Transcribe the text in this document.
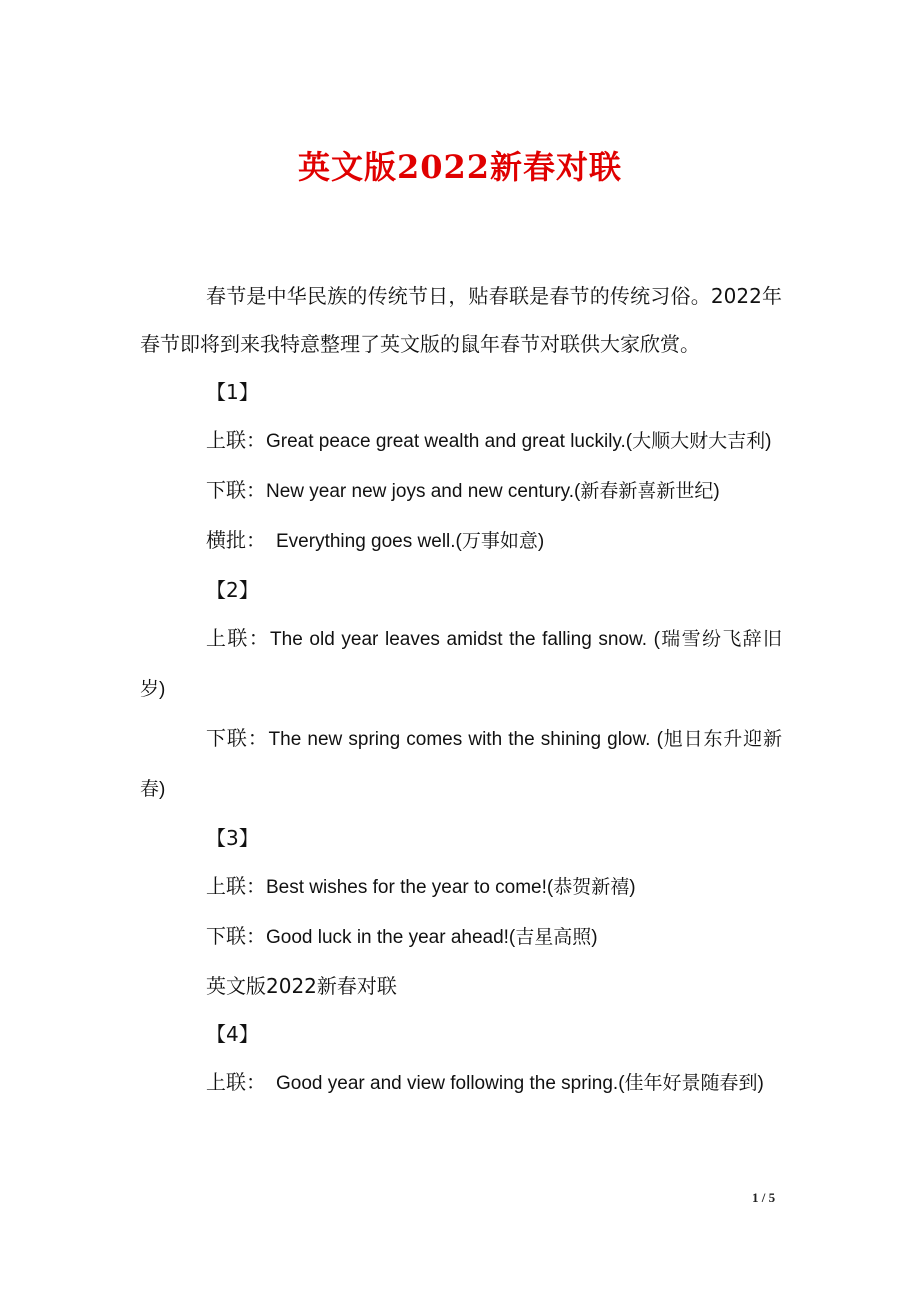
英文版2022新春对联

春节是中华民族的传统节日，贴春联是春节的传统习俗。2022年春节即将到来我特意整理了英文版的鼠年春节对联供大家欣赏。

【1】

上联：Great peace great wealth and great luckily.(大顺大财大吉利)

下联：New year new joys and new century.(新春新喜新世纪)

横批： Everything goes well.(万事如意)

【2】

上联：The old year leaves amidst the falling snow. (瑞雪纷飞辞旧岁)

下联：The new spring comes with the shining glow. (旭日东升迎新春)

【3】

上联：Best wishes for the year to come!(恭贺新禧)

下联：Good luck in the year ahead!(吉星高照)

英文版2022新春对联

【4】

上联： Good year and view following the spring.(佳年好景随春到)

1 / 5
